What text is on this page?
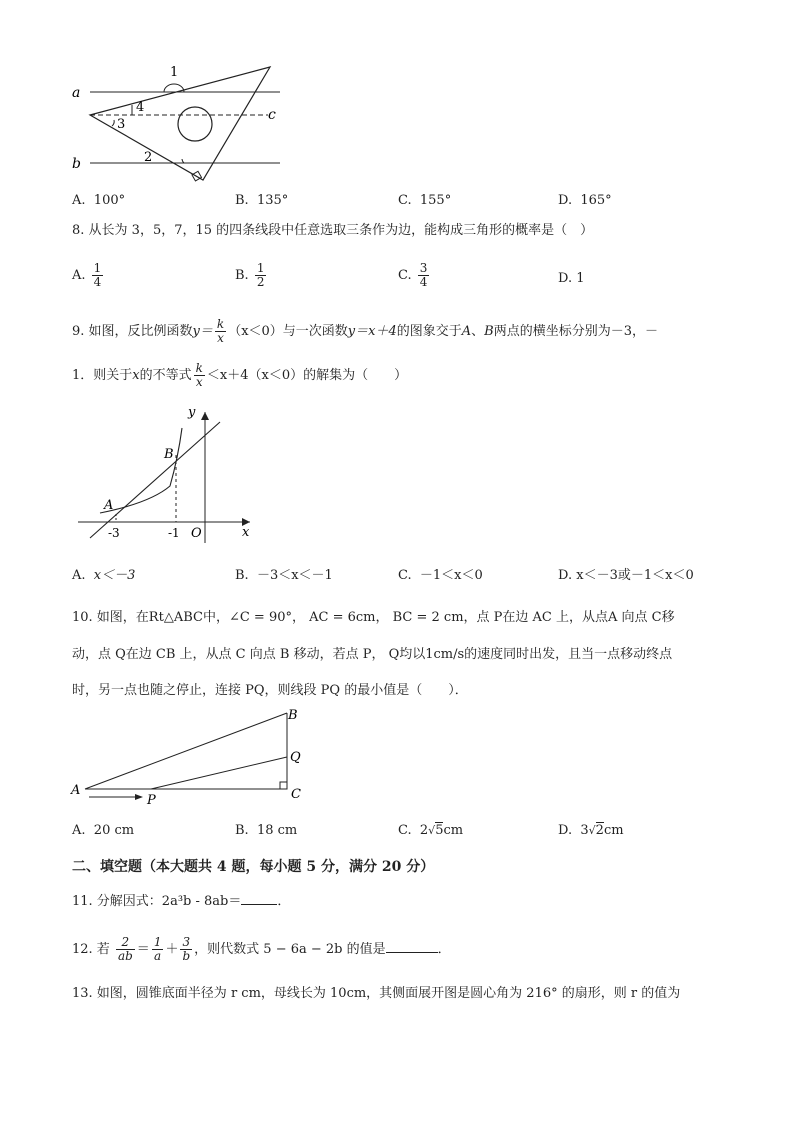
a
b
c
1
4
3
2
A. 100°	B. 135°	C. 155°	D. 165°
8. 从长为 3，5，7，15 的四条线段中任意选取三条作为边，能构成三角形的概率是（　）
A. $\frac{1}{4}$	B. $\frac{1}{2}$	C. $\frac{3}{4}$	D. 1
9. 如图，反比例函数$y= \frac{k}{x} (x<0)$与一次函数y＝x＋4的图象交于A、B两点的横坐标分别为－3，－
1．则关于x的不等式 $\frac{k}{x} <x+4(x<0)$的解集为（　　）
y
x
B
A
O
-3	-1
A. x＜－3	B. －3＜x＜－1	C. －1＜x＜0	D. x＜－3或－1＜x＜0
10. 如图，在Rt△ABC中，∠C = 90°， AC = 6cm， BC = 2 cm，点 P在边 AC 上，从点A 向点 C移
动，点 Q在边 CB 上，从点 C 向点 B 移动，若点 P， Q均以1cm/s的速度同时出发，且当一点移动终点
时，另一点也随之停止，连接 PQ，则线段 PQ 的最小值是（　　）．
A
B
Q
C
P
A. 20 cm	B. 18 cm	C. 2√5cm	D. 3√2cm
二、填空题（本大题共 4 题，每小题 5 分，满分 20 分）
11. 分解因式：2a³b - 8ab＝	．
12. 若 $\frac{2}{ab} = \frac{1}{a} + \frac{3}{b}$ ，则代数式 5 − 6a − 2b 的值是	．
13. 如图，圆锥底面半径为 r cm，母线长为 10cm，其侧面展开图是圆心角为 216° 的扇形，则 r 的值为
